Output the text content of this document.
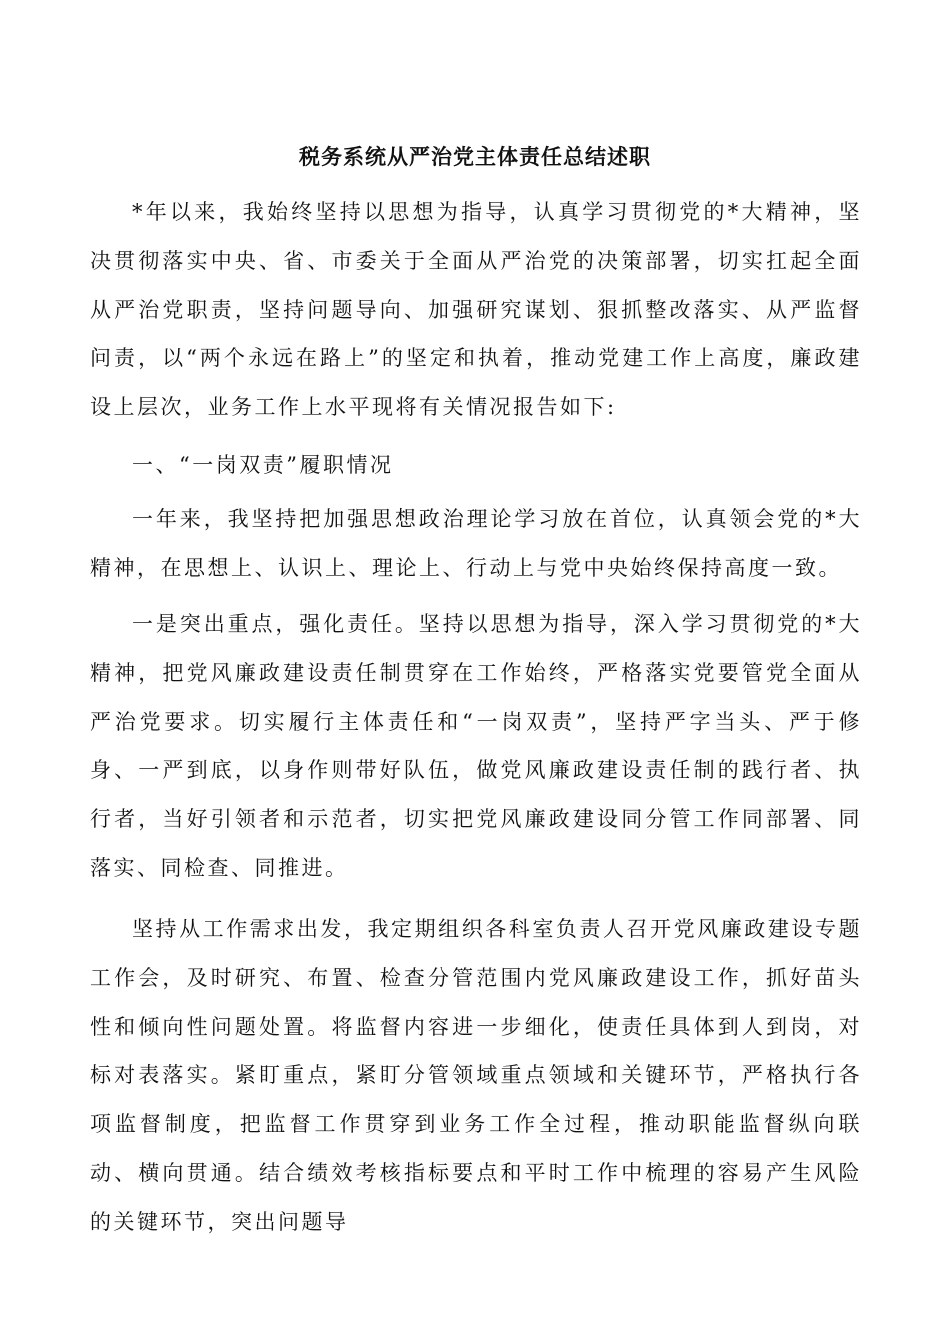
税务系统从严治党主体责任总结述职

*年以来，我始终坚持以思想为指导，认真学习贯彻党的*大精神，坚决贯彻落实中央、省、市委关于全面从严治党的决策部署，切实扛起全面从严治党职责，坚持问题导向、加强研究谋划、狠抓整改落实、从严监督问责，以“两个永远在路上”的坚定和执着，推动党建工作上高度，廉政建设上层次，业务工作上水平现将有关情况报告如下:

一、“一岗双责”履职情况

一年来，我坚持把加强思想政治理论学习放在首位，认真领会党的*大精神，在思想上、认识上、理论上、行动上与党中央始终保持高度一致。

一是突出重点，强化责任。坚持以思想为指导，深入学习贯彻党的*大精神，把党风廉政建设责任制贯穿在工作始终，严格落实党要管党全面从严治党要求。切实履行主体责任和“一岗双责”，坚持严字当头、严于修身、一严到底，以身作则带好队伍，做党风廉政建设责任制的践行者、执行者，当好引领者和示范者，切实把党风廉政建设同分管工作同部署、同落实、同检查、同推进。

坚持从工作需求出发，我定期组织各科室负责人召开党风廉政建设专题工作会，及时研究、布置、检查分管范围内党风廉政建设工作，抓好苗头性和倾向性问题处置。将监督内容进一步细化，使责任具体到人到岗，对标对表落实。紧盯重点，紧盯分管领域重点领域和关键环节，严格执行各项监督制度，把监督工作贯穿到业务工作全过程，推动职能监督纵向联动、横向贯通。结合绩效考核指标要点和平时工作中梳理的容易产生风险的关键环节，突出问题导
